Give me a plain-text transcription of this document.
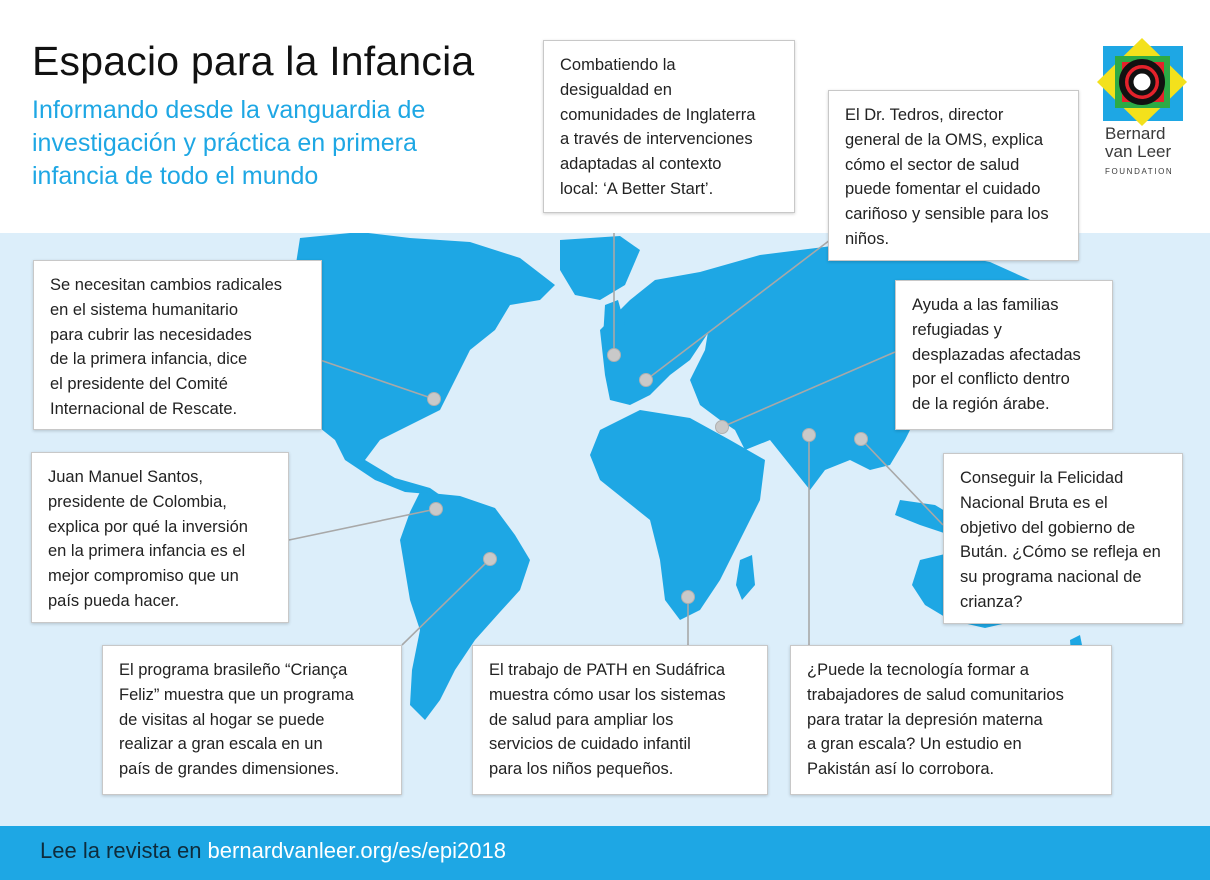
Espacio para la Infancia

Informando desde la vanguardia de
investigación y práctica en primera
infancia de todo el mundo

Bernard
van Leer
FOUNDATION
Combatiendo la
desigualdad en
comunidades de Inglaterra
a través de intervenciones
adaptadas al contexto
local: ‘A Better Start’.
El Dr. Tedros, director
general de la OMS, explica
cómo el sector de salud
puede fomentar el cuidado
cariñoso y sensible para los
niños.
Se necesitan cambios radicales
en el sistema humanitario
para cubrir las necesidades
de la primera infancia, dice
el presidente del Comité
Internacional de Rescate.
Ayuda a las familias
refugiadas y
desplazadas afectadas
por el conflicto dentro
de la región árabe.
Juan Manuel Santos,
presidente de Colombia,
explica por qué la inversión
en la primera infancia es el
mejor compromiso que un
país pueda hacer.
Conseguir la Felicidad
Nacional Bruta es el
objetivo del gobierno de
Bután. ¿Cómo se refleja en
su programa nacional de
crianza?
El programa brasileño “Criança
Feliz” muestra que un programa
de visitas al hogar se puede
realizar a gran escala en un
país de grandes dimensiones.
El trabajo de PATH en Sudáfrica
muestra cómo usar los sistemas
de salud para ampliar los
servicios de cuidado infantil
para los niños pequeños.
¿Puede la tecnología formar a
trabajadores de salud comunitarios
para tratar la depresión materna
a gran escala? Un estudio en
Pakistán así lo corrobora.
Lee la revista en bernardvanleer.org/es/epi2018
